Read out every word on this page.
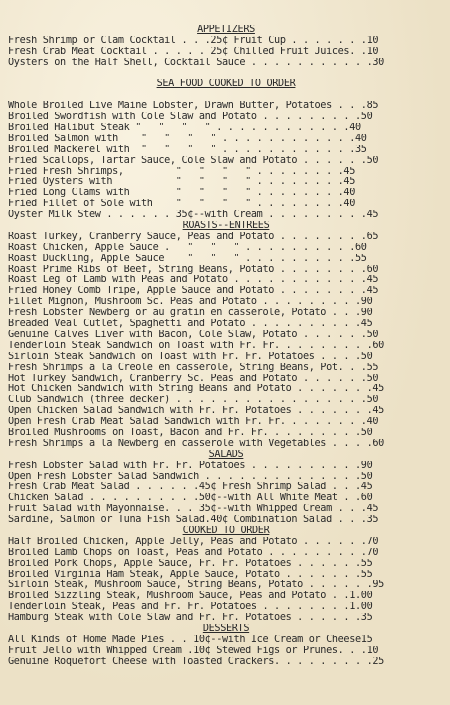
APPETIZERS
Fresh Shrimp or Clam Cocktail . . .25¢ Fruit Cup . . . . . . .10
Fresh Crab Meat Cocktail . . . . . 25¢ Chilled Fruit Juices. .10
Oysters on the Half Shell, Cocktail Sauce . . . . . . . . . . .30
SEA FOOD COOKED TO ORDER
Whole Broiled Live Maine Lobster, Drawn Butter, Potatoes . . .85
Broiled Swordfish with Cole Slaw and Potato . . . . . . . . .50
Broiled Halibut Steak "   "   "   " . . . . . . . . . . . .40
Broiled Salmon with    "   "   "   " . . . . . . . . . . . .40
Broiled Mackerel with  "   "   "   " . . . . . . . . . . . .35
Fried Scallops, Tartar Sauce, Cole Slaw and Potato . . . . . .50
Fried Fresh Shrimps,         "   "   "   " . . . . . . . .45
Fried Oysters with           "   "   "   " . . . . . . . .45
Fried Long Clams with        "   "   "   " . . . . . . . .40
Fried Fillet of Sole with    "   "   "   " . . . . . . . .40
Oyster Milk Stew . . . . . . 35¢--with Cream . . . . . . . . .45
ROASTS--ENTREES
Roast Turkey, Cranberry Sauce, Peas and Potato . . . . . . . .65
Roast Chicken, Apple Sauce .   "   "   " . . . . . . . . . .60
Roast Duckling, Apple Sauce    "   "   " . . . . . . . . . .55
Roast Prime Ribs of Beef, String Beans, Potato . . . . . . . .60
Roast Leg of Lamb with Peas and Potato . . . . . . . . . . . .45
Fried Honey Comb Tripe, Apple Sauce and Potato . . . . . . . .45
Fillet Mignon, Mushroom Sc. Peas and Potato . . . . . . . . .90
Fresh Lobster Newberg or au gratin en casserole, Potato . . .90
Breaded Veal Cutlet, Spaghetti and Potato . . . . . . . . . .45
Genuine Calves Liver with Bacon, Cole Slaw, Potato . . . . . .50
Tenderloin Steak Sandwich on Toast with Fr. Fr. . . . . . . . .60
Sirloin Steak Sandwich on Toast with Fr. Fr. Potatoes . . . .50
Fresh Shrimps a la Creole en casserole, String Beans, Pot. . .55
Hot Turkey Sandwich, Cranberry Sc. Peas and Potato . . . . . .50
Hot Chicken Sandwich with String Beans and Potato . . . . . . .45
Club Sandwich (three decker) . . . . . . . . . . . . . . . . .50
Open Chicken Salad Sandwich with Fr. Fr. Potatoes . . . . . . .45
Open Fresh Crab Meat Salad Sandwich with Fr. Fr. . . . . . . .40
Broiled Mushrooms on Toast, Bacon and Fr. Fr. . . . . . . . .50
Fresh Shrimps a la Newberg en casserole with Vegetables . . . .60
SALADS
Fresh Lobster Salad with Fr. Fr. Potatoes . . . . . . . . . .90
Open Fresh Lobster Salad Sandwich . . . . . . . . . . . . . .50
Fresh Crab Meat Salad . . . . . .45¢ Fresh Shrimp Salad . . .45
Chicken Salad . . . . . . . . . .50¢--with All White Meat . .60
Fruit Salad with Mayonnaise. . . 35¢--with Whipped Cream . . .45
Sardine, Salmon or Tuna Fish Salad.40¢ Combination Salad . . .35
COOKED TO ORDER
Half Broiled Chicken, Apple Jelly, Peas and Potato . . . . . .70
Broiled Lamb Chops on Toast, Peas and Potato . . . . . . . . .70
Broiled Pork Chops, Apple Sauce, Fr. Fr. Potatoes . . . . . .55
Broiled Virginia Ham Steak, Apple Sauce, Potato . . . . . . .55
Sirloin Steak, Mushroom Sauce, String Beans, Potato . . . . . .95
Broiled Sizzling Steak, Mushroom Sauce, Peas and Potato . .1.00
Tenderloin Steak, Peas and Fr. Fr. Potatoes . . . . . . . .1.00
Hamburg Steak with Cole Slaw and Fr. Fr. Potatoes . . . . . .35
DESSERTS
All Kinds of Home Made Pies . . 10¢--with Ice Cream or Cheese15
Fruit Jello with Whipped Cream .10¢ Stewed Figs or Prunes. . .10
Genuine Roquefort Cheese with Toasted Crackers. . . . . . . . .25
